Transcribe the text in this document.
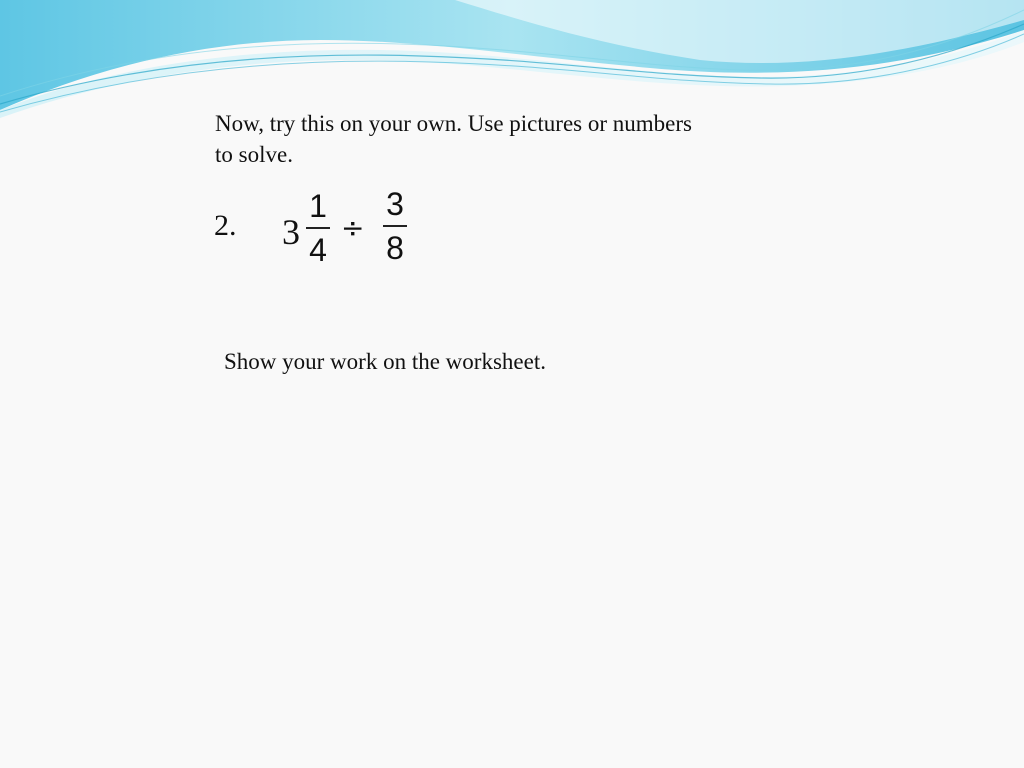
Now, try this on your own. Use pictures or numbers to solve.

2. 3
1
4
÷
3
8

Show your work on the worksheet.
